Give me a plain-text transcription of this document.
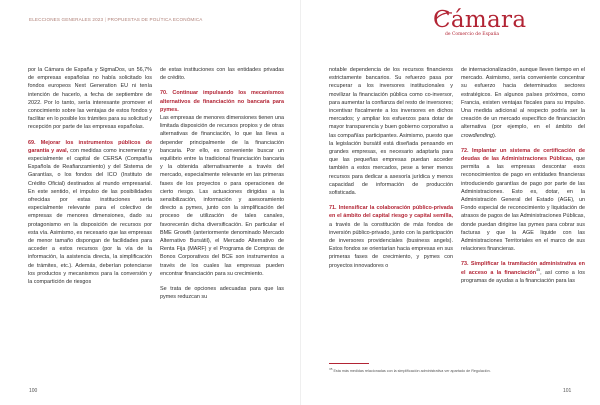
ELECCIONES GENERALES 2023 | PROPUESTAS DE POLÍTICA ECONÓMICA	Cámara
de Comercio de España

por la Cámara de España y SigmaDos, un 56,7% de empresas españolas no había solicitado los fondos europeos Next Generation EU ni tenía intención de hacerlo, a fecha de septiembre de 2022. Por lo tanto, sería interesante promover el conocimiento sobre las ventajas de estos fondos y facilitar en lo posible los trámites para su solicitud y recepción por parte de las empresas españolas.

69. Mejorar los instrumentos públicos de garantía y aval, con medidas como incrementar y especialmente el capital de CERSA (Compañía Española de Reafianzamiento) y del Sistema de Garantías, o los fondos del ICO (Instituto de Crédito Oficial) destinados al mundo empresarial. En este sentido, el impulso de las posibilidades ofrecidas por estas instituciones sería especialmente relevante para el colectivo de empresas de menores dimensiones, dado su protagonismo en la disposición de recursos por esta vía. Asimismo, es necesario que las empresas de menor tamaño dispongan de facilidades para acceder a estos recursos (por la vía de la información, la asistencia directa, la simplificación de trámites, etc.). Además, deberían potenciarse los productos y mecanismos para la conversión y la compartición de riesgos

de estas instituciones con las entidades privadas de crédito.

70. Continuar impulsando los mecanismos alternativos de financiación no bancaria para pymes.
Las empresas de menores dimensiones tienen una limitada disposición de recursos propios y de otras alternativas de financiación, lo que las lleva a depender principalmente de la financiación bancaria. Por ello, es conveniente buscar un equilibrio entre la tradicional financiación bancaria y la obtenida alternativamente a través del mercado, especialmente relevante en las primeras fases de los proyectos o para operaciones de cierto riesgo. Las actuaciones dirigidas a la sensibilización, información y asesoramiento directo a pymes, junto con la simplificación del proceso de utilización de tales canales, favorecerán dicha diversificación. En particular el BME Growth (anteriormente denominado Mercado Alternativo Bursátil), el Mercado Alternativo de Renta Fija (MARF) y el Programa de Compras de Bonos Corporativos del BCE son instrumentos a través de los cuales las empresas pueden encontrar financiación para su crecimiento.

Se trata de opciones adecuadas para que las pymes reduzcan su

notable dependencia de los recursos financieros estrictamente bancarios. Su refuerzo pasa por recuperar a los inversores institucionales y movilizar la financiación pública como co-inversor, para aumentar la confianza del resto de inversores; incentivar fiscalmente a los inversores en dichos mercados; y ampliar los esfuerzos para dotar de mayor transparencia y buen gobierno corporativo a las compañías participantes. Asimismo, puesto que la legislación bursátil está diseñada pensando en grandes empresas, es necesario adaptarla para que las pequeñas empresas puedan acceder también a estos mercados, pese a tener menos recursos para dedicar a asesoría jurídica y menos capacidad de información de producción sofisticada.

71. Intensificar la colaboración público-privada en el ámbito del capital riesgo y capital semilla, a través de la constitución de más fondos de inversión público-privado, junto con la participación de inversores providenciales (business angels). Estos fondos se orientarían hacia empresas en sus primeras fases de crecimiento, y pymes con proyectos innovadores o

de internacionalización, aunque lleven tiempo en el mercado. Asimismo, sería conveniente concentrar su esfuerzo hacia determinados sectores estratégicos. En algunos países próximos, como Francia, existen ventajas fiscales para su impulso. Una medida adicional al respecto podría ser la creación de un mercado específico de financiación alternativa (por ejemplo, en el ámbito del crowdlending).

72. Implantar un sistema de certificación de deudas de las Administraciones Públicas, que permita a las empresas descontar esos reconocimientos de pago en entidades financieras introduciendo garantías de pago por parte de las Administraciones. Esto es, dotar, en la Administración General del Estado (AGE), un Fondo especial de reconocimiento y liquidación de atrasos de pagos de las Administraciones Públicas, donde puedan dirigirse las pymes para cobrar sus facturas y que la AGE liquide con las Administraciones Territoriales en el marco de sus relaciones financieras.

73. Simplificar la tramitación administrativa en el acceso a la financiación$^{35}$, así como a los programas de ayudas a la financiación para las

$^{35}$ Esta más medidas relacionadas con la simplificación administrativa ver apartado de Regulación.
100	101
